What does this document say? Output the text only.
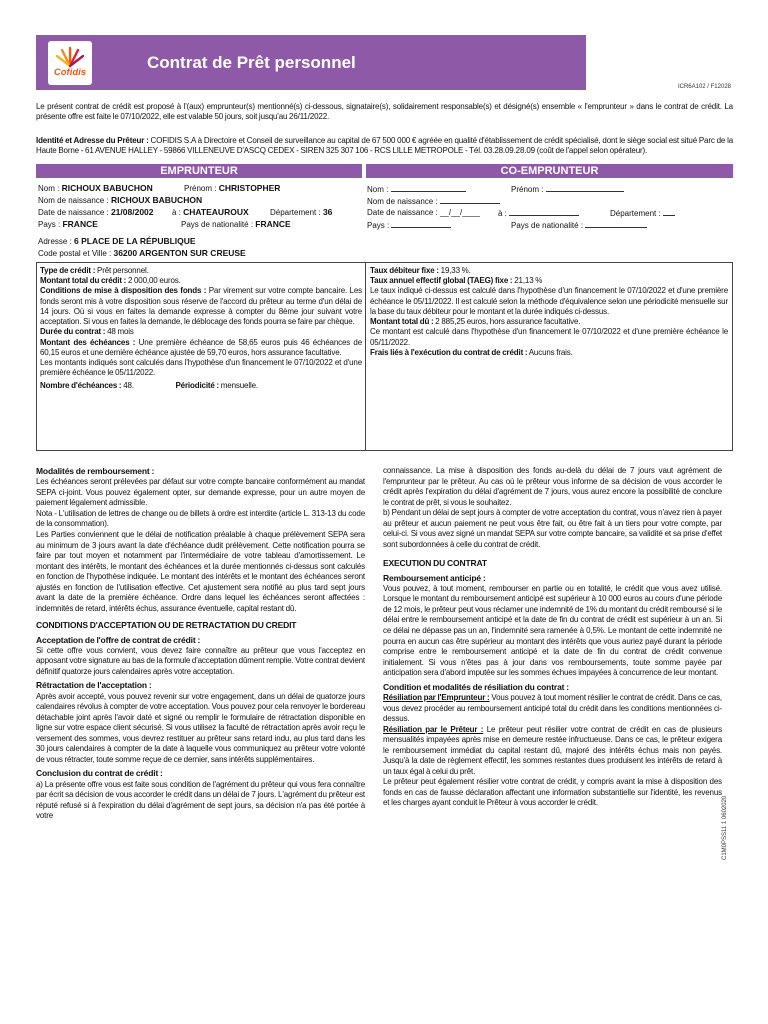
Cofidis
Contrat de Prêt personnel
ICR6A102 / F12028
Le présent contrat de crédit est proposé à l'(aux) emprunteur(s) mentionné(s) ci-dessous, signataire(s), solidairement responsable(s) et désigné(s) ensemble « l'emprunteur » dans le contrat de crédit. La présente offre est faite le 07/10/2022, elle est valable 50 jours, soit jusqu'au 26/11/2022.
Identité et Adresse du Prêteur : COFIDIS S.A à Directoire et Conseil de surveillance au capital de 67 500 000 € agréée en qualité d'établissement de crédit spécialisé, dont le siège social est situé Parc de la Haute Borne - 61 AVENUE HALLEY - 59866 VILLENEUVE D'ASCQ CEDEX - SIREN 325 307 106 - RCS LILLE METROPOLE - Tél. 03.28.09.28.09 (coût de l'appel selon opérateur).
EMPRUNTEUR	CO-EMPRUNTEUR
Nom : RICHOUX BABUCHON	Prénom : CHRISTOPHER
Nom de naissance : RICHOUX BABUCHON
Date de naissance : 21/08/2002 à : CHATEAUROUX	Département : 36
Pays : FRANCE	Pays de nationalité : FRANCE
Adresse : 6 PLACE DE LA RÉPUBLIQUE
Code postal et Ville : 36200 ARGENTON SUR CREUSE
Nom :	Prénom :
Nom de naissance :
Date de naissance : __/__/____ à :	Département :
Pays :	Pays de nationalité :
Type de crédit : Prêt personnel.
Montant total du crédit : 2 000,00 euros.
Conditions de mise à disposition des fonds : Par virement sur votre compte bancaire. Les fonds seront mis à votre disposition sous réserve de l'accord du prêteur au terme d'un délai de 14 jours. Où si vous en faites la demande expresse à compter du 8ème jour suivant votre acceptation. Si vous en faites la demande, le déblocage des fonds pourra se faire par chèque.
Durée du contrat : 48 mois
Montant des échéances : Une première échéance de 58,65 euros puis 46 échéances de 60,15 euros et une dernière échéance ajustée de 59,70 euros, hors assurance facultative.
Les montants indiqués sont calculés dans l'hypothèse d'un financement le 07/10/2022 et d'une première échéance le 05/11/2022.
Nombre d'échéances : 48.	Périodicité : mensuelle.
Taux débiteur fixe : 19,33 %.
Taux annuel effectif global (TAEG) fixe : 21,13 %
Le taux indiqué ci-dessus est calculé dans l'hypothèse d'un financement le 07/10/2022 et d'une première échéance le 05/11/2022. Il est calculé selon la méthode d'équivalence selon une périodicité mensuelle sur la base du taux débiteur pour le montant et la durée indiqués ci-dessus.
Montant total dû : 2 885,25 euros, hors assurance facultative.
Ce montant est calculé dans l'hypothèse d'un financement le 07/10/2022 et d'une première échéance le 05/11/2022.
Frais liés à l'exécution du contrat de crédit : Aucuns frais.
Modalités de remboursement :

Les échéances seront prélevées par défaut sur votre compte bancaire conformément au mandat SEPA ci-joint. Vous pouvez également opter, sur demande expresse, pour un autre moyen de paiement légalement admissible.

Nota - L'utilisation de lettres de change ou de billets à ordre est interdite (article L. 313-13 du code de la consommation).

Les Parties conviennent que le délai de notification préalable à chaque prélèvement SEPA sera au minimum de 3 jours avant la date d'échéance dudit prélèvement. Cette notification pourra se faire par tout moyen et notamment par l'intermédiaire de votre tableau d'amortissement. Le montant des intérêts, le montant des échéances et la durée mentionnés ci-dessus sont calculés en fonction de l'hypothèse indiquée. Le montant des intérêts et le montant des échéances seront ajustés en fonction de l'utilisation effective. Cet ajustement sera notifié au plus tard sept jours avant la date de la première échéance. Ordre dans lequel les échéances seront affectées : indemnités de retard, intérêts échus, assurance éventuelle, capital restant dû.

CONDITIONS D'ACCEPTATION OU DE RETRACTATION DU CREDIT
Acceptation de l'offre de contrat de crédit :

Si cette offre vous convient, vous devez faire connaître au prêteur que vous l'acceptez en apposant votre signature au bas de la formule d'acceptation dûment remplie. Votre contrat devient définitif quatorze jours calendaires après votre acceptation.

Rétractation de l'acceptation :

Après avoir accepté, vous pouvez revenir sur votre engagement, dans un délai de quatorze jours calendaires révolus à compter de votre acceptation. Vous pouvez pour cela renvoyer le bordereau détachable joint après l'avoir daté et signé ou remplir le formulaire de rétractation disponible en ligne sur votre espace client sécurisé. Si vous utilisez la faculté de rétractation après avoir reçu le versement des sommes, vous devrez restituer au prêteur sans retard indu, au plus tard dans les 30 jours calendaires à compter de la date à laquelle vous communiquez au prêteur votre volonté de vous rétracter, toute somme reçue de ce dernier, sans intérêts supplémentaires.

Conclusion du contrat de crédit :

a) La présente offre vous est faite sous condition de l'agrément du prêteur qui vous fera connaître par écrit sa décision de vous accorder le crédit dans un délai de 7 jours. L'agrément du prêteur est réputé refusé si à l'expiration du délai d'agrément de sept jours, sa décision n'a pas été portée à votre

connaissance. La mise à disposition des fonds au-delà du délai de 7 jours vaut agrément de l'emprunteur par le prêteur. Au cas où le prêteur vous informe de sa décision de vous accorder le crédit après l'expiration du délai d'agrément de 7 jours, vous aurez encore la possibilité de conclure le contrat de prêt, si vous le souhaitez.

b) Pendant un délai de sept jours à compter de votre acceptation du contrat, vous n'avez rien à payer au prêteur et aucun paiement ne peut vous être fait, ou être fait à un tiers pour votre compte, par celui-ci. Si vous avez signé un mandat SEPA sur votre compte bancaire, sa validité et sa prise d'effet sont subordonnées à celle du contrat de crédit.

EXECUTION DU CONTRAT
Remboursement anticipé :

Vous pouvez, à tout moment, rembourser en partie ou en totalité, le crédit que vous avez utilisé. Lorsque le montant du remboursement anticipé est supérieur à 10 000 euros au cours d'une période de 12 mois, le prêteur peut vous réclamer une indemnité de 1% du montant du crédit remboursé si le délai entre le remboursement anticipé et la date de fin du contrat de crédit est supérieur à un an. Si ce délai ne dépasse pas un an, l'indemnité sera ramenée à 0,5%. Le montant de cette indemnité ne pourra en aucun cas être supérieur au montant des intérêts que vous auriez payé durant la période comprise entre le remboursement anticipé et la date de fin du contrat de crédit convenue initialement. Si vous n'êtes pas à jour dans vos remboursements, toute somme payée par anticipation sera d'abord imputée sur les sommes échues impayées à concurrence de leur montant.

Condition et modalités de résiliation du contrat :

Résiliation par l'Emprunteur : Vous pouvez à tout moment résilier le contrat de crédit. Dans ce cas, vous devez procéder au remboursement anticipé total du crédit dans les conditions mentionnées ci-dessus.

Résiliation par le Prêteur : Le prêteur peut résilier votre contrat de crédit en cas de plusieurs mensualités impayées après mise en demeure restée infructueuse. Dans ce cas, le prêteur exigera le remboursement immédiat du capital restant dû, majoré des intérêts échus mais non payés. Jusqu'à la date de règlement effectif, les sommes restantes dues produisent les intérêts de retard à un taux égal à celui du prêt.

Le prêteur peut également résilier votre contrat de crédit, y compris avant la mise à disposition des fonds en cas de fausse déclaration affectant une information substantielle sur l'identité, les revenus et les charges ayant conduit le Prêteur à vous accorder le crédit.	C1M0PSS11 1 0602020
